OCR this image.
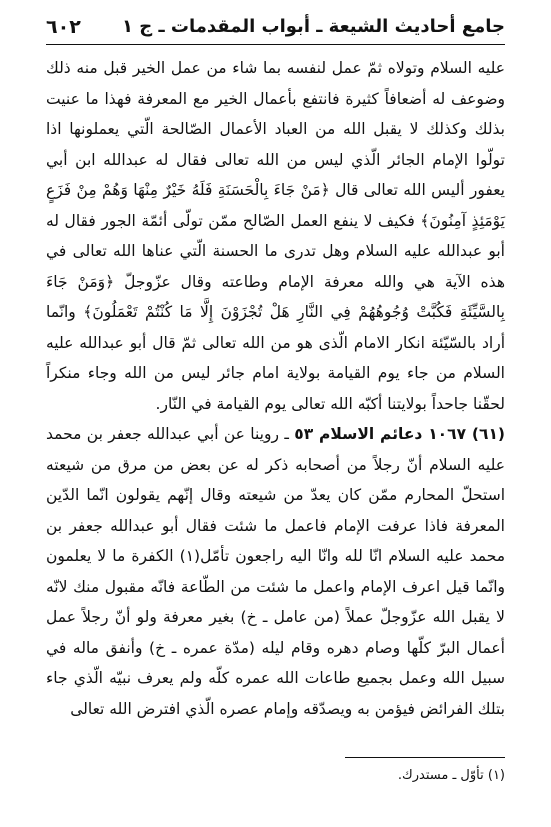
٦٠٢ جامع أحاديث الشيعة ـ أبواب المقدمات ـ ج ١

عليه السلام وتولاه ثمّ عمل لنفسه بما شاء من عمل الخير قبل منه ذلك وضوعف له أضعافاً كثيرة فانتفع بأعمال الخير مع المعرفة فهذا ما عنيت بذلك وكذلك لا يقبل الله من العباد الأعمال الصّالحة الّتي يعملونها اذا تولّوا الإمام الجائر الّذي ليس من الله تعالى فقال له عبدالله ابن أبي يعفور أليس الله تعالى قال ﴿مَنْ جَاءَ بِالْحَسَنَةِ فَلَهُ خَيْرٌ مِنْهَا وَهُمْ مِنْ فَزَعٍ يَوْمَئِذٍ آمِنُونَ﴾ فكيف لا ينفع العمل الصّالح ممّن تولّى أئمّة الجور فقال له أبو عبدالله عليه السلام وهل تدرى ما الحسنة الّتي عناها الله تعالى في هذه الآية هي والله معرفة الإمام وطاعته وقال عزّوجلّ ﴿وَمَنْ جَاءَ بِالسَّيِّئَةِ فَكُبَّتْ وُجُوهُهُمْ فِي النَّارِ هَلْ تُجْزَوْنَ إِلَّا مَا كُنْتُمْ تَعْمَلُونَ﴾ وانّما أراد بالسّيّئة انكار الامام الّذى هو من الله تعالى ثمّ قال أبو عبدالله عليه السلام من جاء يوم القيامة بولاية امام جائر ليس من الله وجاء منكراً لحقّنا جاحداً بولايتنا أكبّه الله تعالى يوم القيامة في النّار.

(٦١) ١٠٦٧ دعائم الاسلام ٥٣ ـ روينا عن أبي عبدالله جعفر بن محمد عليه السلام أنّ رجلاً من أصحابه ذكر له عن بعض من مرق من شيعته استحلّ المحارم ممّن كان يعدّ من شيعته وقال إنّهم يقولون انّما الدّين المعرفة فاذا عرفت الإمام فاعمل ما شئت فقال أبو عبدالله جعفر بن محمد عليه السلام انّا لله وانّا اليه راجعون تأمّل(١) الكفرة ما لا يعلمون وانّما قيل اعرف الإمام واعمل ما شئت من الطّاعة فانّه مقبول منك لانّه لا يقبل الله عزّوجلّ عملاً (من عامل ـ خ) بغير معرفة ولو أنّ رجلاً عمل أعمال البرّ كلّها وصام دهره وقام ليله (مدّة عمره ـ خ) وأنفق ماله في سبيل الله وعمل بجميع طاعات الله عمره كلّه ولم يعرف نبيّه الّذي جاء بتلك الفرائض فيؤمن به ويصدّقه وإمام عصره الّذي افترض الله تعالى

(١) تأوّل ـ مستدرك.
